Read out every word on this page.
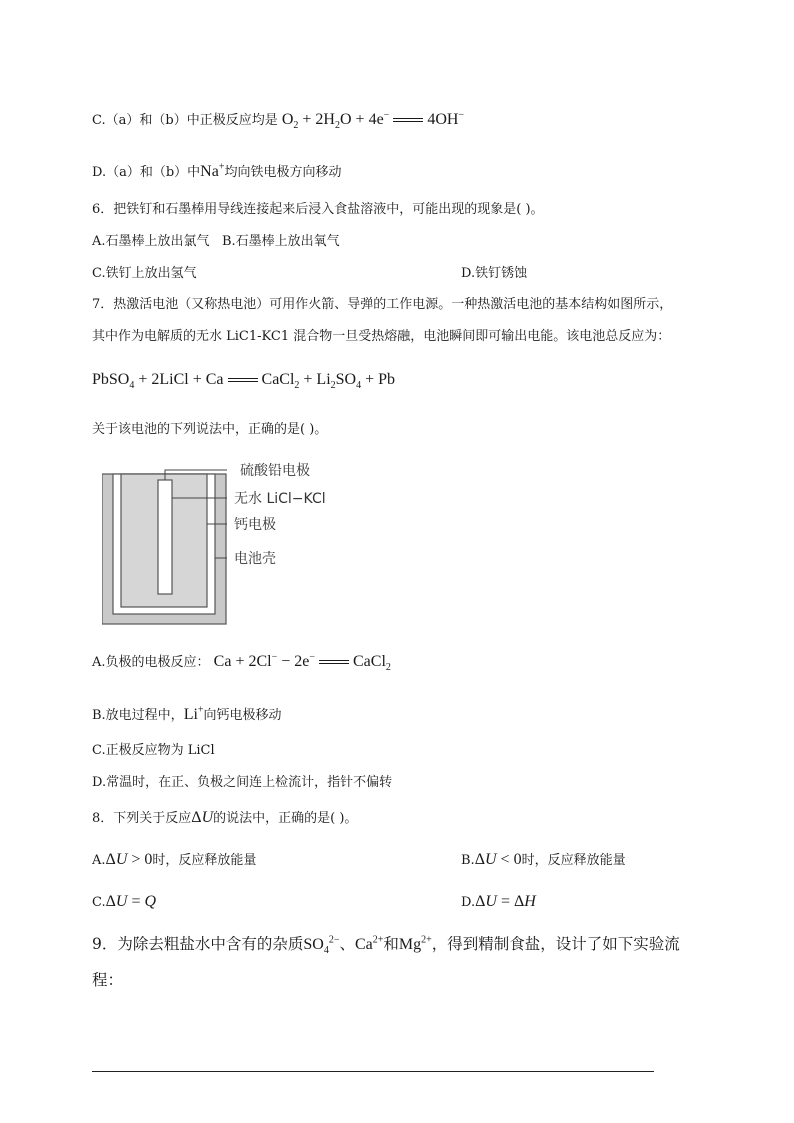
C.（a）和（b）中正极反应均是 $O_2 + 2H_2O + 4e^-$ 4OH−
D.（a）和（b）中Na+均向铁电极方向移动
6．把铁钉和石墨棒用导线连接起来后浸入食盐溶液中，可能出现的现象是( )。
A.石墨棒上放出氯气 B.石墨棒上放出氧气
C.铁钉上放出氢气	D.铁钉锈蚀
7．热激活电池（又称热电池）可用作火箭、导弹的工作电源。一种热激活电池的基本结构如图所示，
其中作为电解质的无水 LiC1-KC1 混合物一旦受热熔融，电池瞬间即可输出电能。该电池总反应为：
PbSO$_4$ + 2LiCl + Ca CaCl$_2$ + $Li_2SO_4 + Pb$
关于该电池的下列说法中，正确的是( )。
硫酸铅电极
无水 LiCl−KCl
钙电极
电池壳
A.负极的电极反应： Ca + 2Cl− − 2e− CaCl$_2$
B.放电过程中，Li+向钙电极移动
C.正极反应物为 LiCl
D.常温时，在正、负极之间连上检流计，指针不偏转
8．下列关于反应ΔU的说法中，正确的是( )。
A.ΔU > 0时，反应释放能量	B.ΔU < 0时，反应释放能量
C.ΔU = Q	D.ΔU = ΔH
9．为除去粗盐水中含有的杂质$SO_4^{2-}$、$Ca^{2+}$和$Mg^{2+}$，得到精制食盐，设计了如下实验流
程：
